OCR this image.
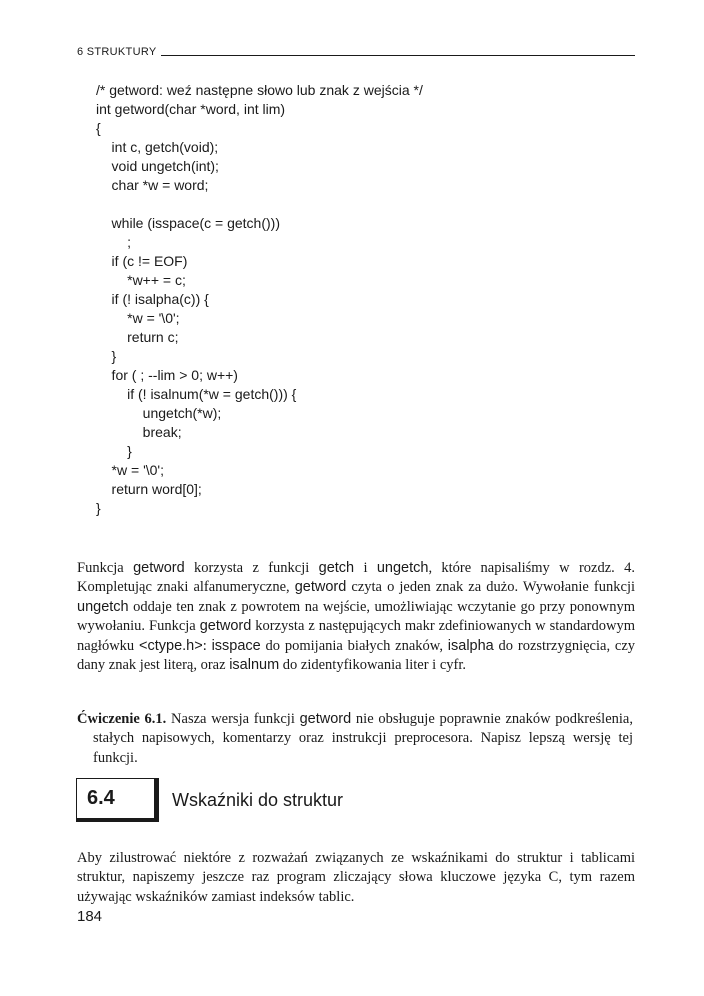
6 STRUKTURY
/* getword: weź następne słowo lub znak z wejścia */
int getword(char *word, int lim)
{
int c, getch(void);
void ungetch(int);
char *w = word;
while (isspace(c = getch()))
;
if (c != EOF)
*w++ = c;
if (! isalpha(c)) {
*w = '\0';
return c;
}
for ( ; --lim > 0; w++)
if (! isalnum(*w = getch())) {
ungetch(*w);
break;
}
*w = '\0';
return word[0];
}

Funkcja getword korzysta z funkcji getch i ungetch, które napisaliśmy w rozdz. 4. Kompletując znaki alfanumeryczne, getword czyta o jeden znak za dużo. Wywołanie funkcji ungetch oddaje ten znak z powrotem na wejście, umożliwiając wczytanie go przy ponownym wywołaniu. Funkcja getword korzysta z następujących makr zdefiniowanych w standardowym nagłówku <ctype.h>: isspace do pomijania białych znaków, isalpha do rozstrzygnięcia, czy dany znak jest literą, oraz isalnum do zidentyfikowania liter i cyfr.

Ćwiczenie 6.1. Nasza wersja funkcji getword nie obsługuje poprawnie znaków podkreślenia, stałych napisowych, komentarzy oraz instrukcji preprocesora. Napisz lepszą wersję tej funkcji.

6.4	Wskaźniki do struktur

Aby zilustrować niektóre z rozważań związanych ze wskaźnikami do struktur i tablicami struktur, napiszemy jeszcze raz program zliczający słowa kluczowe języka C, tym razem używając wskaźników zamiast indeksów tablic.

184
